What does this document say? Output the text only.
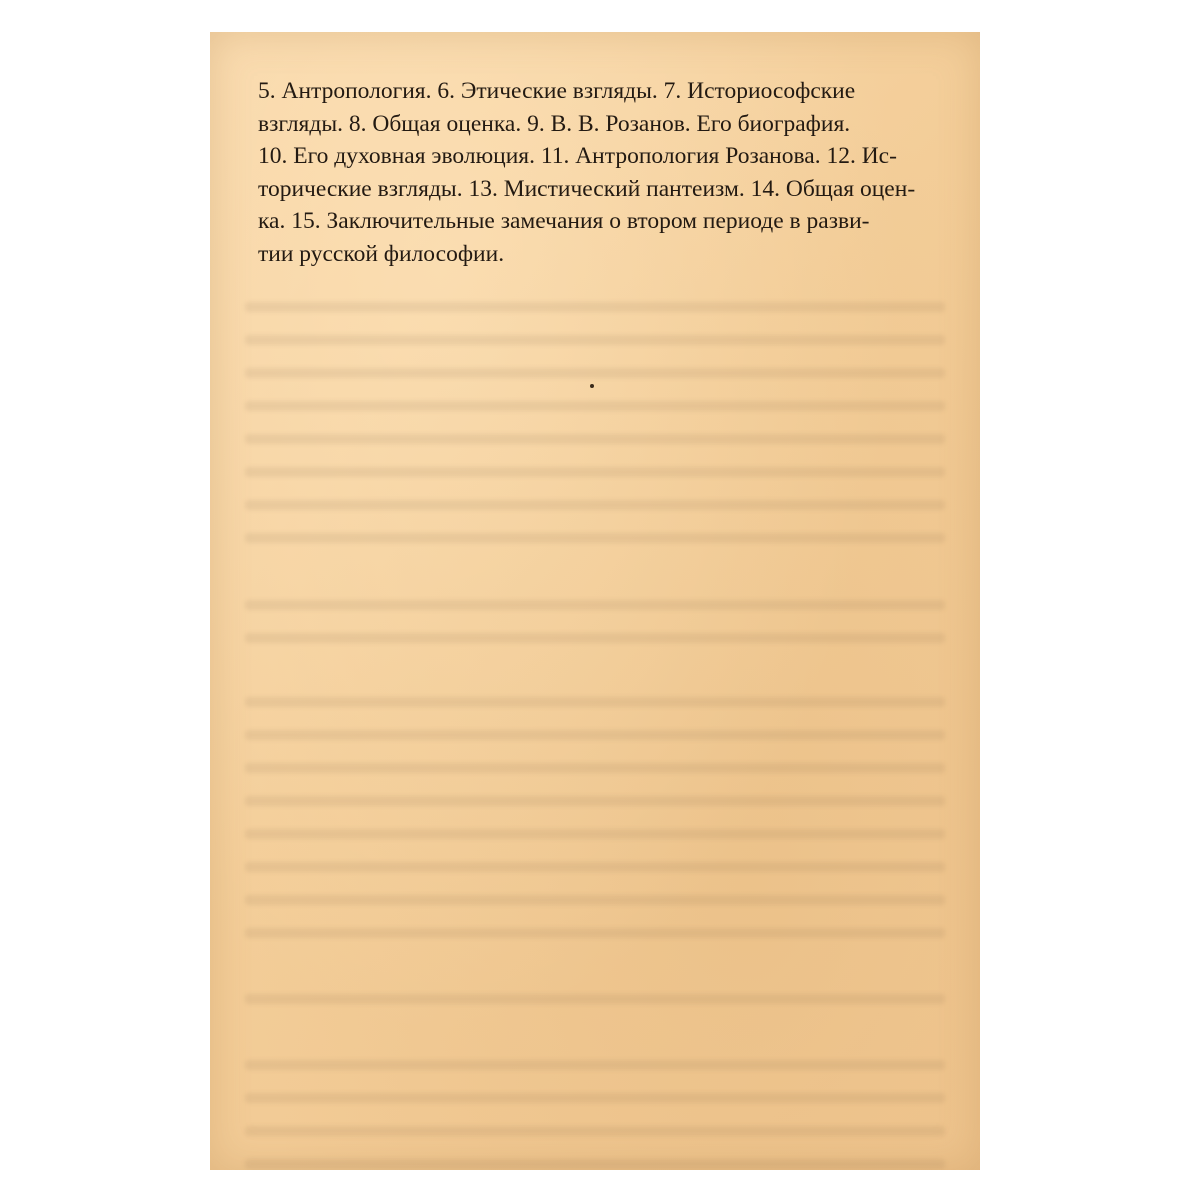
5. Антропология. 6. Этические взгляды. 7. Историософские
взгляды. 8. Общая оценка. 9. В. В. Розанов. Его биография.
10. Его духовная эволюция. 11. Антропология Розанова. 12. Ис-
торические взгляды. 13. Мистический пантеизм. 14. Общая оцен-
ка. 15. Заключительные замечания о втором периоде в разви-
тии русской философии.
